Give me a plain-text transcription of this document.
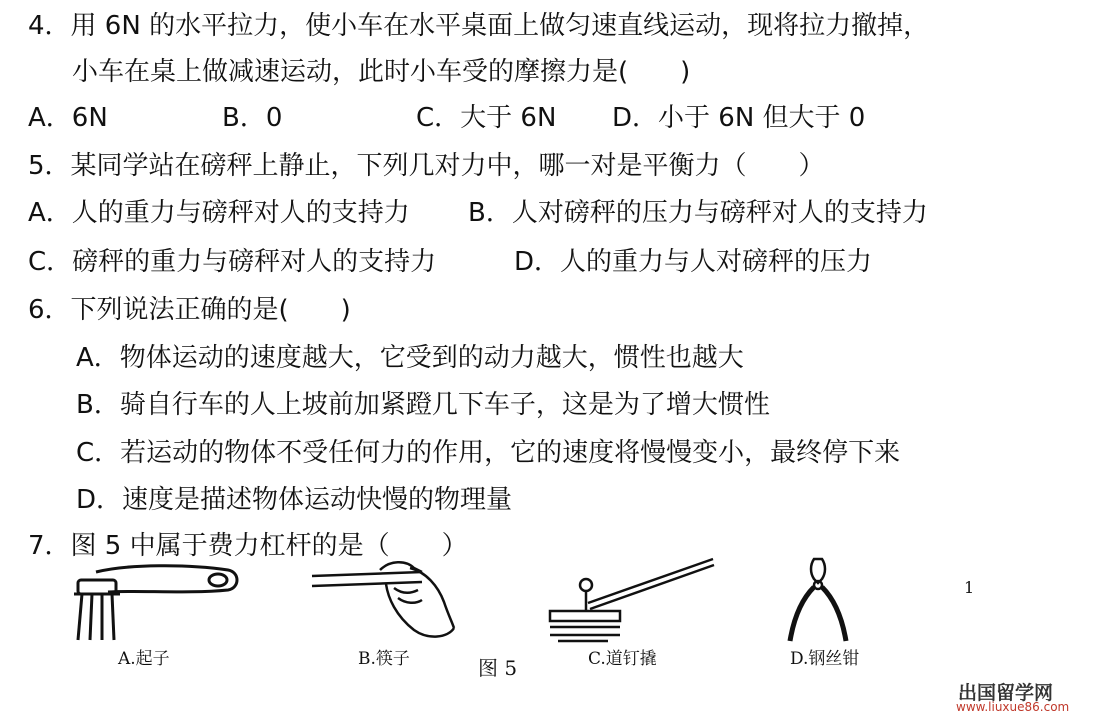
4．用 6N 的水平拉力，使小车在水平桌面上做匀速直线运动，现将拉力撤掉，
小车在桌上做减速运动，此时小车受的摩擦力是(　　)
A．6N	B．0	C．大于 6N D．小于 6N 但大于 0
5．某同学站在磅秤上静止，下列几对力中，哪一对是平衡力（　　）
A．人的重力与磅秤对人的支持力 B．人对磅秤的压力与磅秤对人的支持力
C．磅秤的重力与磅秤对人的支持力	D．人的重力与人对磅秤的压力
6．下列说法正确的是(　　)
A．物体运动的速度越大，它受到的动力越大，惯性也越大
B．骑自行车的人上坡前加紧蹬几下车子，这是为了增大惯性
C．若运动的物体不受任何力的作用，它的速度将慢慢变小，最终停下来
D．速度是描述物体运动快慢的物理量
7．图 5 中属于费力杠杆的是（　　）
A.起子	B.筷子	图 5	C.道钉撬	D.钢丝钳
1
出国留学网
www.liuxue86.com
